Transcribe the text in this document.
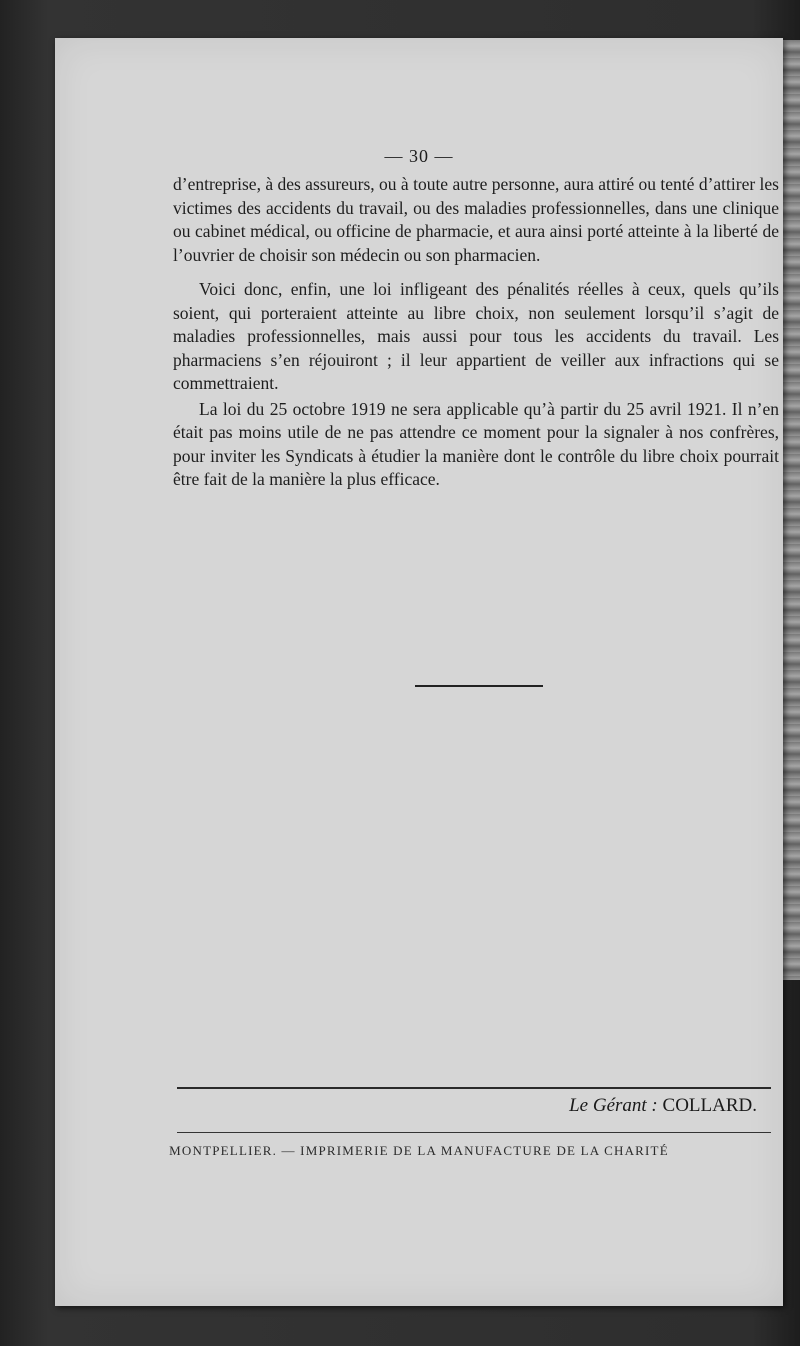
— 30 —

d’entreprise, à des assureurs, ou à toute autre personne, aura attiré ou tenté d’attirer les victimes des accidents du travail, ou des maladies professionnelles, dans une clinique ou cabinet médical, ou officine de pharmacie, et aura ainsi porté atteinte à la liberté de l’ouvrier de choisir son médecin ou son pharmacien.

Voici donc, enfin, une loi infligeant des pénalités réelles à ceux, quels qu’ils soient, qui porteraient atteinte au libre choix, non seulement lorsqu’il s’agit de maladies professionnelles, mais aussi pour tous les accidents du travail. Les pharmaciens s’en réjouiront ; il leur appartient de veiller aux infractions qui se commettraient.

La loi du 25 octobre 1919 ne sera applicable qu’à partir du 25 avril 1921. Il n’en était pas moins utile de ne pas attendre ce moment pour la signaler à nos confrères, pour inviter les Syndicats à étudier la manière dont le contrôle du libre choix pourrait être fait de la manière la plus efficace.

Le Gérant : COLLARD.
MONTPELLIER. — IMPRIMERIE DE LA MANUFACTURE DE LA CHARITÉ
